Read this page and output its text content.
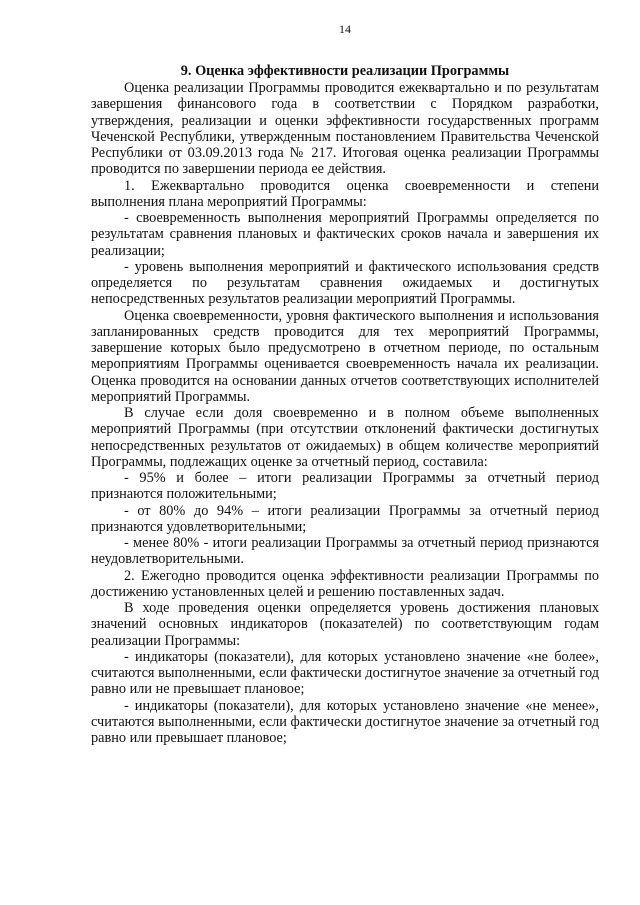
14
9. Оценка эффективности реализации Программы

Оценка реализации Программы проводится ежеквартально и по результатам завершения финансового года в соответствии с Порядком разработки, утверждения, реализации и оценки эффективности государственных программ Чеченской Республики, утвержденным постановлением Правительства Чеченской Республики от 03.09.2013 года № 217. Итоговая оценка реализации Программы проводится по завершении периода ее действия.

1. Ежеквартально проводится оценка своевременности и степени выполнения плана мероприятий Программы:

- своевременность выполнения мероприятий Программы определяется по результатам сравнения плановых и фактических сроков начала и завершения их реализации;

- уровень выполнения мероприятий и фактического использования средств определяется по результатам сравнения ожидаемых и достигнутых непосредственных результатов реализации мероприятий Программы.

Оценка своевременности, уровня фактического выполнения и использования запланированных средств проводится для тех мероприятий Программы, завершение которых было предусмотрено в отчетном периоде, по остальным мероприятиям Программы оценивается своевременность начала их реализации. Оценка проводится на основании данных отчетов соответствующих исполнителей мероприятий Программы.

В случае если доля своевременно и в полном объеме выполненных мероприятий Программы (при отсутствии отклонений фактически достигнутых непосредственных результатов от ожидаемых) в общем количестве мероприятий Программы, подлежащих оценке за отчетный период, составила:

- 95% и более – итоги реализации Программы за отчетный период признаются положительными;

- от 80% до 94% – итоги реализации Программы за отчетный период признаются удовлетворительными;

- менее 80% - итоги реализации Программы за отчетный период признаются неудовлетворительными.

2. Ежегодно проводится оценка эффективности реализации Программы по достижению установленных целей и решению поставленных задач.

В ходе проведения оценки определяется уровень достижения плановых значений основных индикаторов (показателей) по соответствующим годам реализации Программы:

- индикаторы (показатели), для которых установлено значение «не более», считаются выполненными, если фактически достигнутое значение за отчетный год равно или не превышает плановое;

- индикаторы (показатели), для которых установлено значение «не менее», считаются выполненными, если фактически достигнутое значение за отчетный год равно или превышает плановое;
